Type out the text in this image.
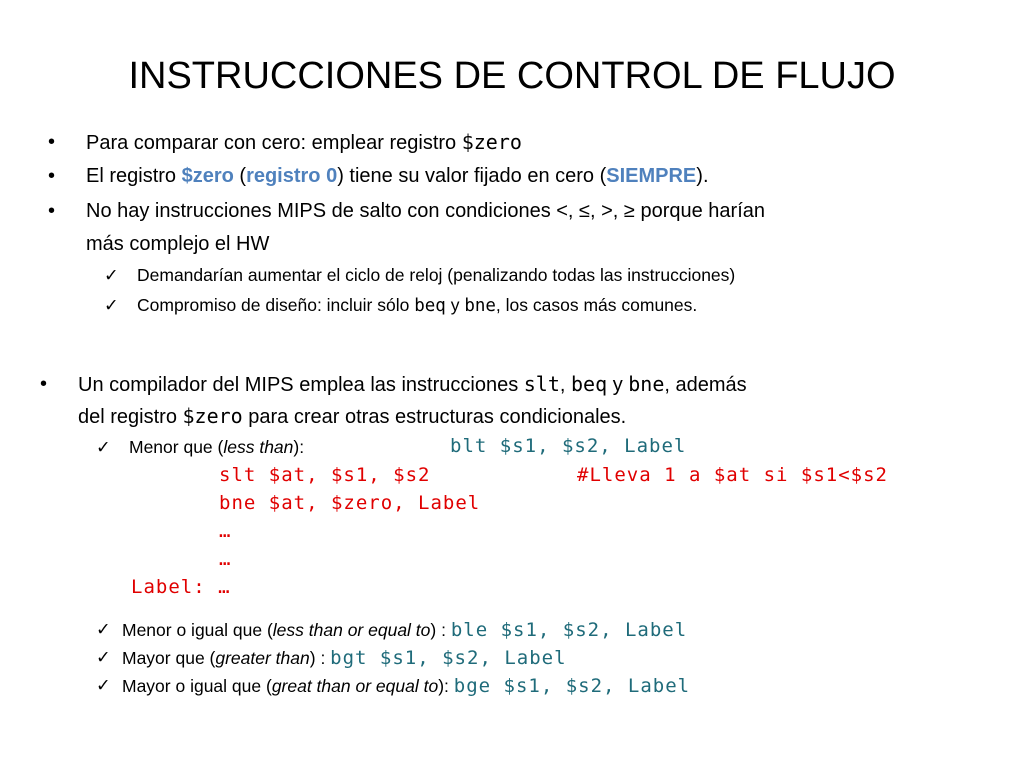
INSTRUCCIONES DE CONTROL DE FLUJO
• Para comparar con cero: emplear registro $zero
• El registro $zero (registro 0) tiene su valor fijado en cero (SIEMPRE).
• No hay instrucciones MIPS de salto con condiciones <, ≤, >, ≥ porque harían
más complejo el HW
✓ Demandarían aumentar el ciclo de reloj (penalizando todas las instrucciones)
✓ Compromiso de diseño: incluir sólo beq y bne, los casos más comunes.
• Un compilador del MIPS emplea las instrucciones slt, beq y bne, además
del registro $zero para crear otras estructuras condicionales.
✓ Menor que (less than):	blt $s1, $s2, Label
slt $at, $s1, $s2	#Lleva 1 a $at si $s1<$s2
bne $at, $zero, Label
…
…
Label: …
✓ Menor o igual que (less than or equal to) : ble $s1, $s2, Label
✓ Mayor que (greater than) : bgt $s1, $s2, Label
✓ Mayor o igual que (great than or equal to): bge $s1, $s2, Label
